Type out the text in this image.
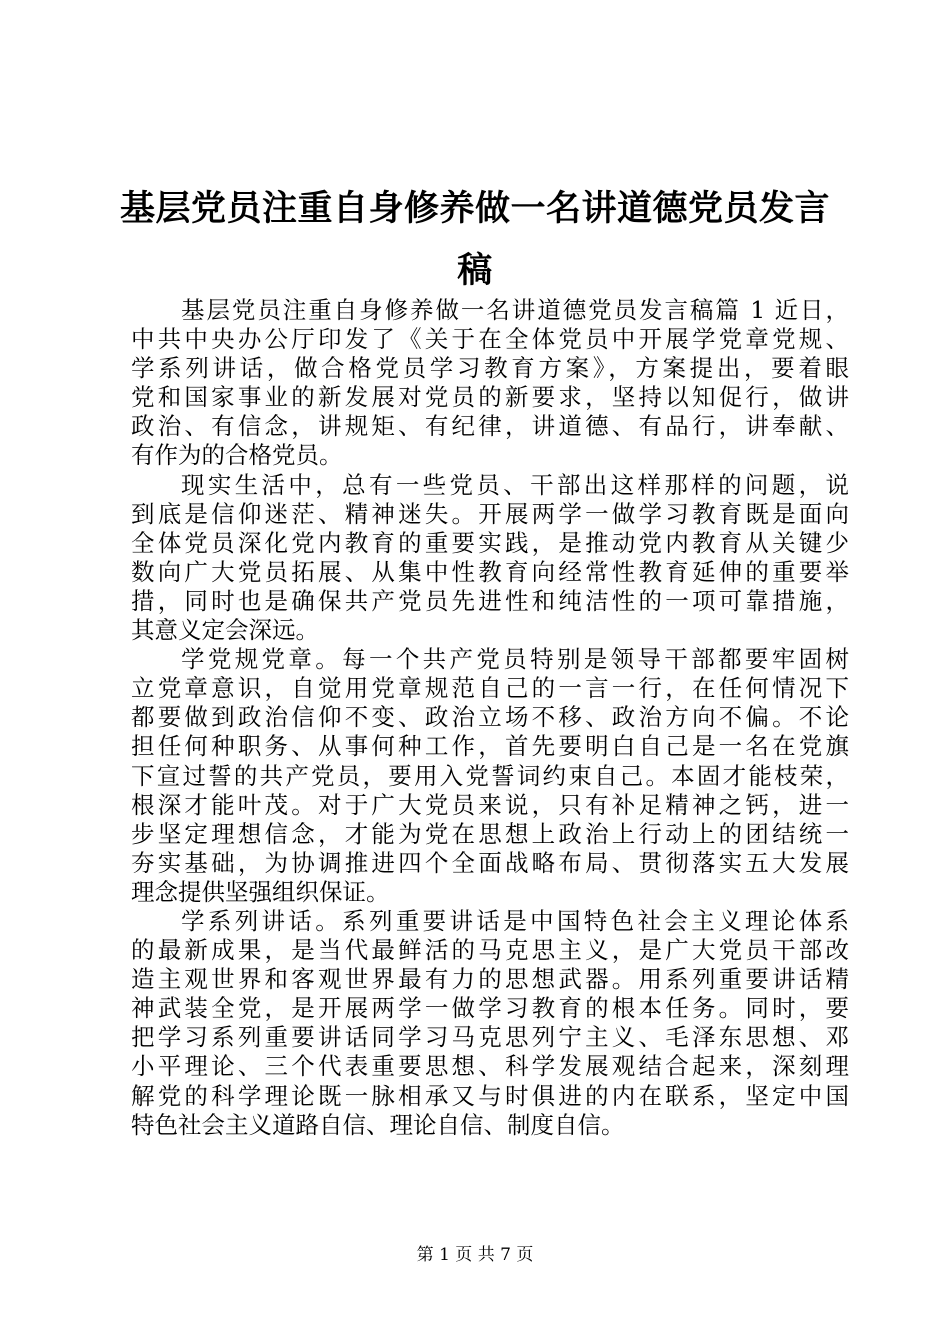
基层党员注重自身修养做一名讲道德党员发言
稿
基层党员注重自身修养做一名讲道德党员发言稿篇 1 近日，
中共中央办公厅印发了《关于在全体党员中开展学党章党规、
学系列讲话，做合格党员学习教育方案》，方案提出，要着眼
党和国家事业的新发展对党员的新要求，坚持以知促行，做讲
政治、有信念，讲规矩、有纪律，讲道德、有品行，讲奉献、
有作为的合格党员。
现实生活中，总有一些党员、干部出这样那样的问题，说
到底是信仰迷茫、精神迷失。开展两学一做学习教育既是面向
全体党员深化党内教育的重要实践，是推动党内教育从关键少
数向广大党员拓展、从集中性教育向经常性教育延伸的重要举
措，同时也是确保共产党员先进性和纯洁性的一项可靠措施，
其意义定会深远。
学党规党章。每一个共产党员特别是领导干部都要牢固树
立党章意识，自觉用党章规范自己的一言一行，在任何情况下
都要做到政治信仰不变、政治立场不移、政治方向不偏。不论
担任何种职务、从事何种工作，首先要明白自己是一名在党旗
下宣过誓的共产党员，要用入党誓词约束自己。本固才能枝荣，
根深才能叶茂。对于广大党员来说，只有补足精神之钙，进一
步坚定理想信念，才能为党在思想上政治上行动上的团结统一
夯实基础，为协调推进四个全面战略布局、贯彻落实五大发展
理念提供坚强组织保证。
学系列讲话。系列重要讲话是中国特色社会主义理论体系
的最新成果，是当代最鲜活的马克思主义，是广大党员干部改
造主观世界和客观世界最有力的思想武器。用系列重要讲话精
神武装全党，是开展两学一做学习教育的根本任务。同时，要
把学习系列重要讲话同学习马克思列宁主义、毛泽东思想、邓
小平理论、三个代表重要思想、科学发展观结合起来，深刻理
解党的科学理论既一脉相承又与时俱进的内在联系，坚定中国
特色社会主义道路自信、理论自信、制度自信。
第 1 页 共 7 页
